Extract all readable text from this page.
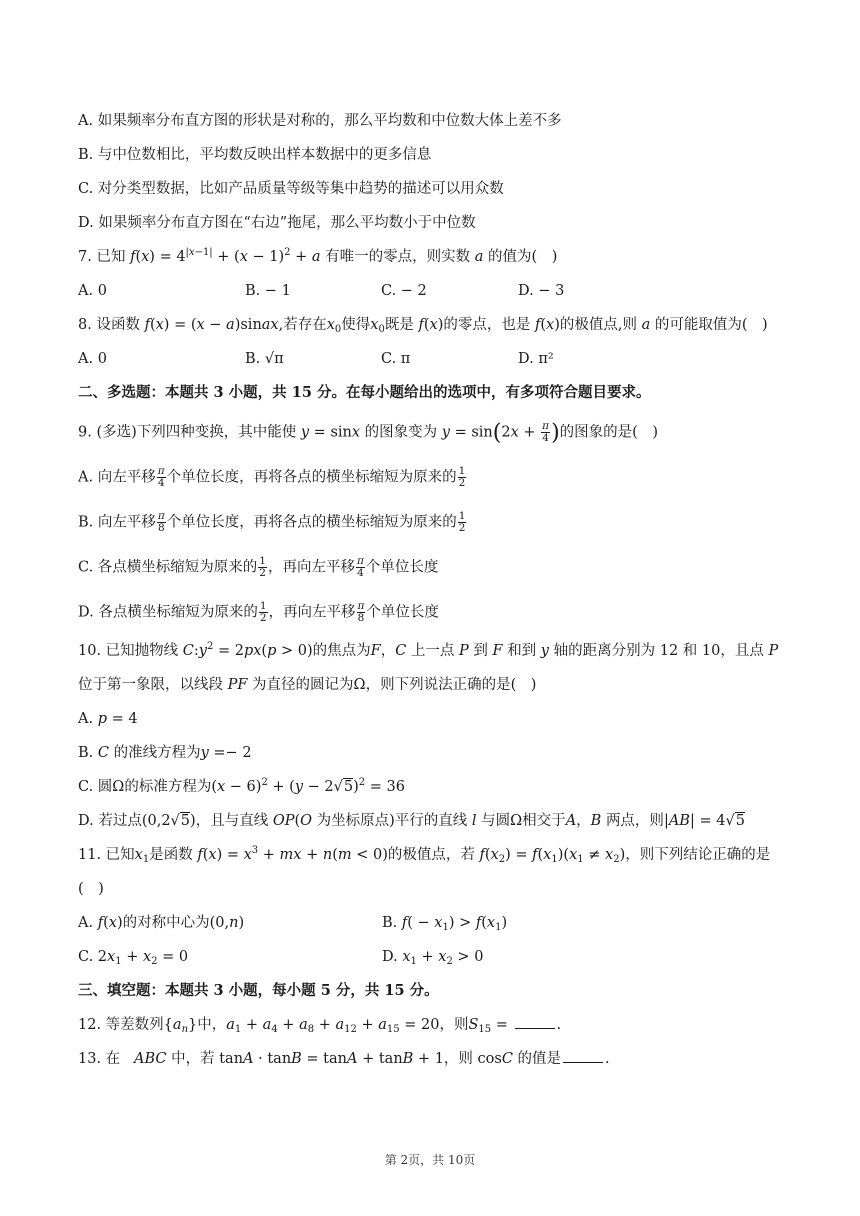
A. 如果频率分布直方图的形状是对称的，那么平均数和中位数大体上差不多
B. 与中位数相比，平均数反映出样本数据中的更多信息
C. 对分类型数据，比如产品质量等级等集中趋势的描述可以用众数
D. 如果频率分布直方图在“右边”拖尾，那么平均数小于中位数
7. 已知 $f(x) = 4^{|x-1|} + (x - 1)^2 + a$ 有唯一的零点，则实数 a 的值为(　)
A. 0	B. − 1	C. − 2	D. − 3
8. 设函数 f(x) = (x − a)sinax,若存在$x_0$使得$x_0$既是 f(x)的零点，也是 f(x)的极值点,则 a 的可能取值为(　)
A. 0	B. √π	C. π	D. π²
二、多选题：本题共 3 小题，共 15 分。在每小题给出的选项中，有多项符合题目要求。
9. (多选)下列四种变换，其中能使 y = sinx 的图象变为 $y = \sin(2x + \frac{\pi}{4}$ )的图象的是(　)
A. 向左平移 $\frac{\pi}{4}$ 个单位长度，再将各点的横坐标缩短为原来的 $\frac{1}{2}$
B. 向左平移 $\frac{\pi}{8}$ 个单位长度，再将各点的横坐标缩短为原来的 $\frac{1}{2}$
C. 各点横坐标缩短为原来的 $\frac{1}{2}$ ，再向左平移 $\frac{\pi}{4}$ 个单位长度
D. 各点横坐标缩短为原来的 $\frac{1}{2}$ ，再向左平移 $\frac{\pi}{8}$ 个单位长度
10. 已知抛物线 $C:y^2 = 2px(p > 0)$的焦点为F，C 上一点 P 到 F 和到 y 轴的距离分别为 12 和 10，且点 P
位于第一象限，以线段 PF 为直径的圆记为Ω，则下列说法正确的是(　)
A. p = 4
B. C 的准线方程为y =− 2
C. 圆Ω的标准方程为$(x - 6)^2 + (y - 2√5)^2 = 36$
D. 若过点(0,2√5)，且与直线 OP(O 为坐标原点)平行的直线 l 与圆Ω相交于A，B 两点，则|AB| = 4√5
11. 已知$x_1$是函数 $f(x) = x^3$ + mx + n(m < 0)的极值点，若 $f(x_2) = f(x_1)(x_1 \ne x_2)$，则下列结论正确的是
(　)
A. f(x)的对称中心为(0,n)	B. $f( - x_1) > f(x_1)$
C. $2x_1 + x_2 = 0$	D. $x_1 + x_2 > 0$
三、填空题：本题共 3 小题，每小题 5 分，共 15 分。
12. 等差数列$\{a_n\}$中，$a_1 + a_4 + a_8 + a_{12} + a_{15} = 20$，则$S_{15}$ =	.
13. 在 ABC 中，若 tanA · tanB = tanA + tanB + 1，则 cosC 的值是	.
第 2页，共 10页
